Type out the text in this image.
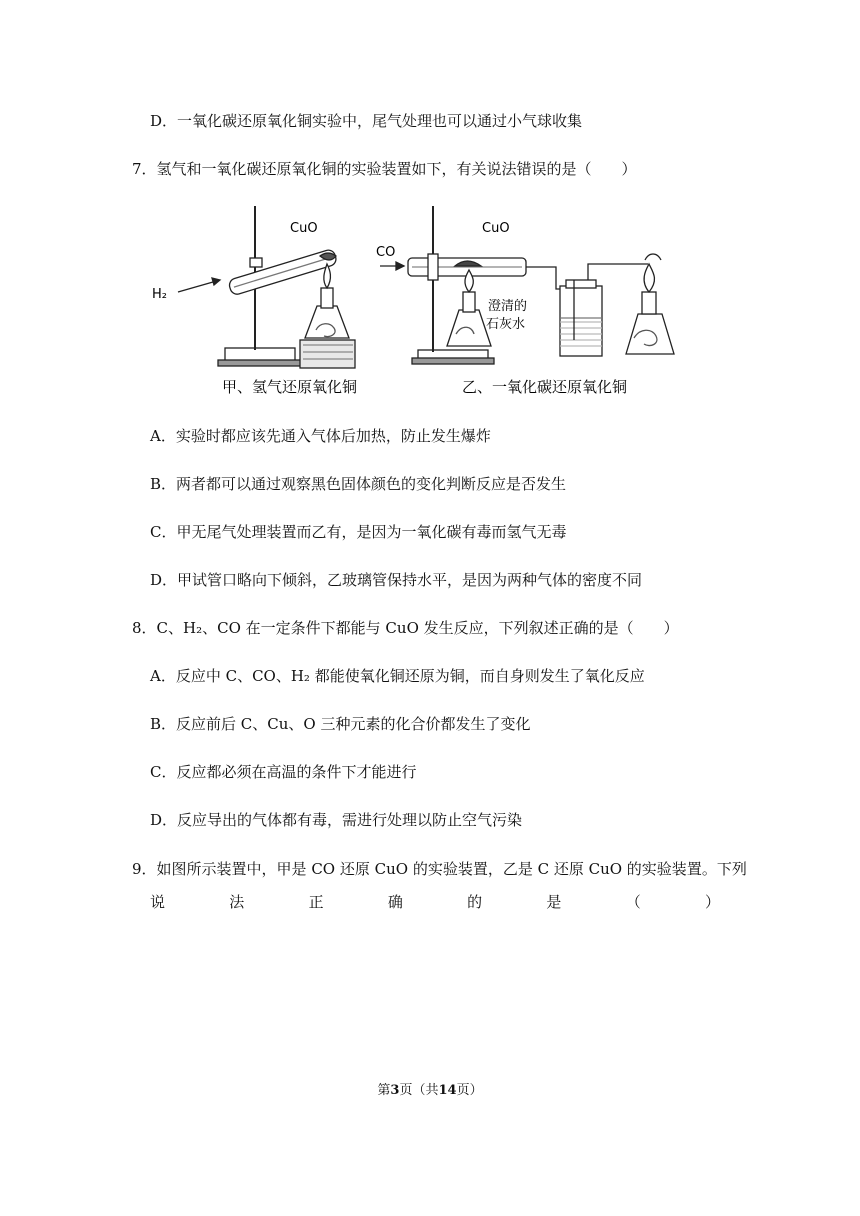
D．一氧化碳还原氧化铜实验中，尾气处理也可以通过小气球收集
7．氢气和一氧化碳还原氧化铜的实验装置如下，有关说法错误的是（　　）
CuO
H₂
CuO
CO
澄清的
石灰水
甲、氢气还原氧化铜	乙、一氧化碳还原氧化铜
A．实验时都应该先通入气体后加热，防止发生爆炸
B．两者都可以通过观察黑色固体颜色的变化判断反应是否发生
C．甲无尾气处理装置而乙有，是因为一氧化碳有毒而氢气无毒
D．甲试管口略向下倾斜，乙玻璃管保持水平，是因为两种气体的密度不同
8．C、H₂、CO 在一定条件下都能与 CuO 发生反应，下列叙述正确的是（　　）
A．反应中 C、CO、H₂ 都能使氧化铜还原为铜，而自身则发生了氧化反应
B．反应前后 C、Cu、O 三种元素的化合价都发生了变化
C．反应都必须在高温的条件下才能进行
D．反应导出的气体都有毒，需进行处理以防止空气污染
9．如图所示装置中，甲是 CO 还原 CuO 的实验装置，乙是 C 还原 CuO 的实验装置。下列
说	法	正	确	的	是	（	）
第3页（共14页）
